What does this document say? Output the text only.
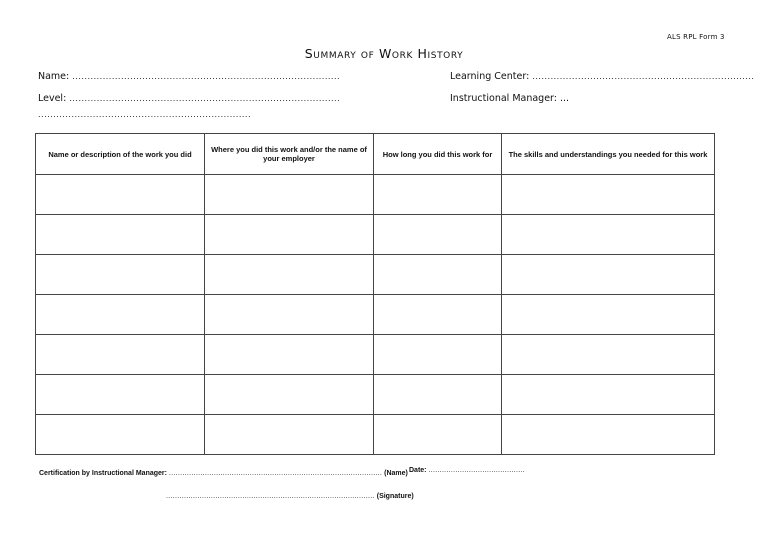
ALS RPL Form 3
Summary of Work History
Name: ........................................................................................	Learning Center: .........................................................................
Level: .........................................................................................	Instructional Manager: ...
......................................................................
Name or description of the work you did	Where you did this work and/or the name of your employer	How long you did this work for	The skills and understandings you needed for this work

Certification by Instructional Manager: ............................................................................................... (Name) Date: ...........................................
............................................................................................. (Signature)
